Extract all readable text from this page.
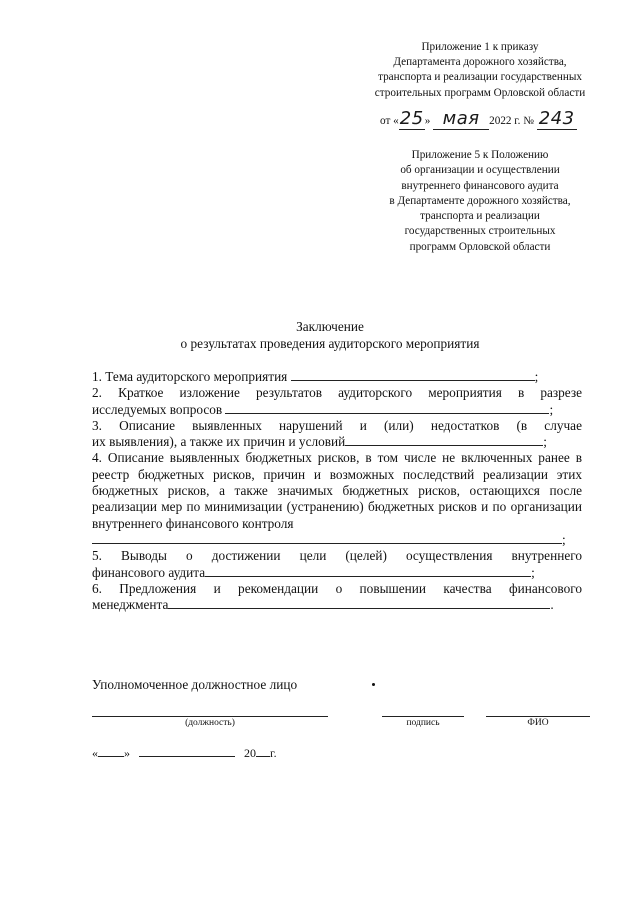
Приложение 1 к приказу
Департамента дорожного хозяйства,
транспорта и реализации государственных
строительных программ Орловской области
от «25» мая 2022 г. № 243
Приложение 5 к Положению
об организации и осуществлении
внутреннего финансового аудита
в Департаменте дорожного хозяйства,
транспорта и реализации
государственных строительных
программ Орловской области
Заключение
о результатах проведения аудиторского мероприятия

1. Тема аудиторского мероприятия	;

2. Краткое изложение результатов аудиторского мероприятия в разрезе

исследуемых вопросов	;

3. Описание выявленных нарушений и (или) недостатков (в случае

их выявления), а также их причин и условий	;

4. Описание выявленных бюджетных рисков, в том числе не включенных ранее в реестр бюджетных рисков, причин и возможных последствий реализации этих бюджетных рисков, а также значимых бюджетных рисков, остающихся после реализации мер по минимизации (устранению) бюджетных рисков и по организации внутреннего финансового контроля

;

5. Выводы о достижении цели (целей) осуществления внутреннего

финансового аудита	;

6. Предложения и рекомендации о повышении качества финансового

менеджмента	.

Уполномоченное должностное лицо
(должность)	подпись	ФИО
« »	20 г.
